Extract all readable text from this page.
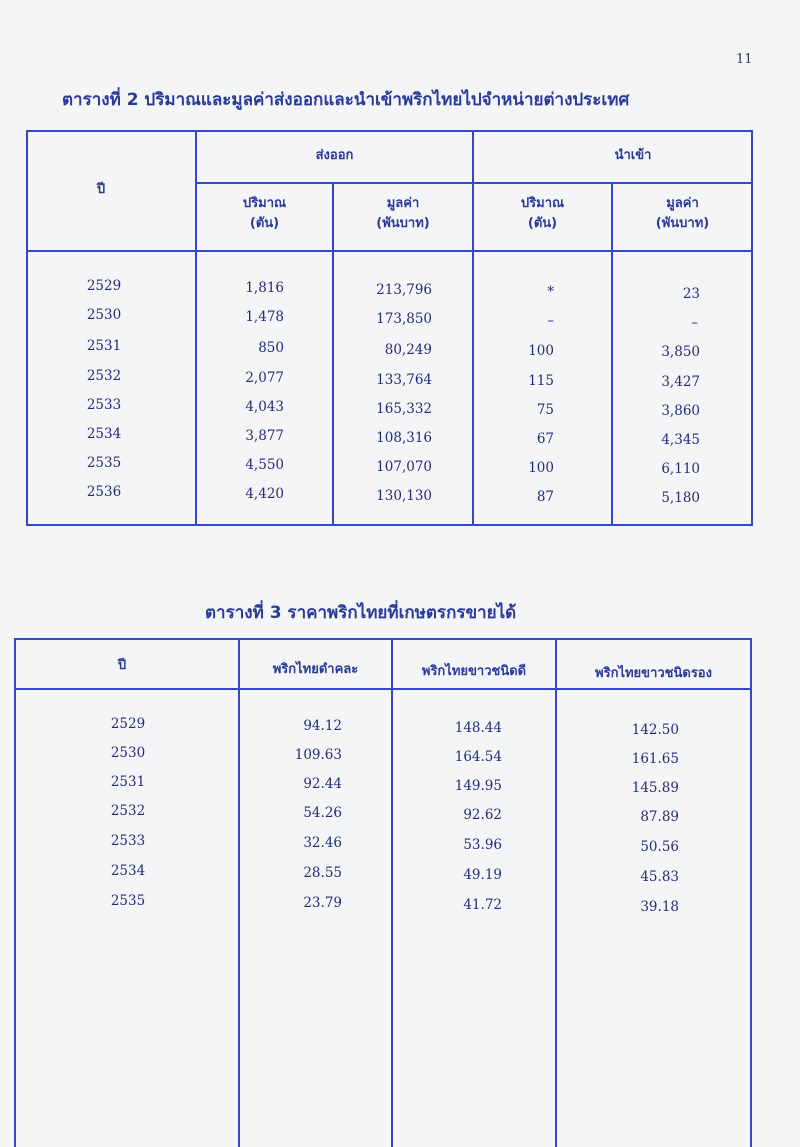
11
ตารางที่ 2 ปริมาณและมูลค่าส่งออกและนำเข้าพริกไทยไปจำหน่ายต่างประเทศ
ปี
ส่งออก	นำเข้า
ปริมาณ
(ตัน)
มูลค่า
(พันบาท)
ปริมาณ
(ตัน)
มูลค่า
(พันบาท)
2529	1,816	213,796	*	23
2530	1,478	173,850	–	–
2531	850	80,249	100	3,850
2532	2,077	133,764	115	3,427
2533	4,043	165,332	75	3,860
2534	3,877	108,316	67	4,345
2535	4,550	107,070	100	6,110
2536	4,420	130,130	87	5,180
ตารางที่ 3 ราคาพริกไทยที่เกษตรกรขายได้
ปี	พริกไทยดำคละ	พริกไทยขาวชนิดดี	พริกไทยขาวชนิดรอง
2529	94.12	148.44	142.50
2530	109.63	164.54	161.65
2531	92.44	149.95	145.89
2532	54.26	92.62	87.89
2533	32.46	53.96	50.56
2534	28.55	49.19	45.83
2535	23.79	41.72	39.18
